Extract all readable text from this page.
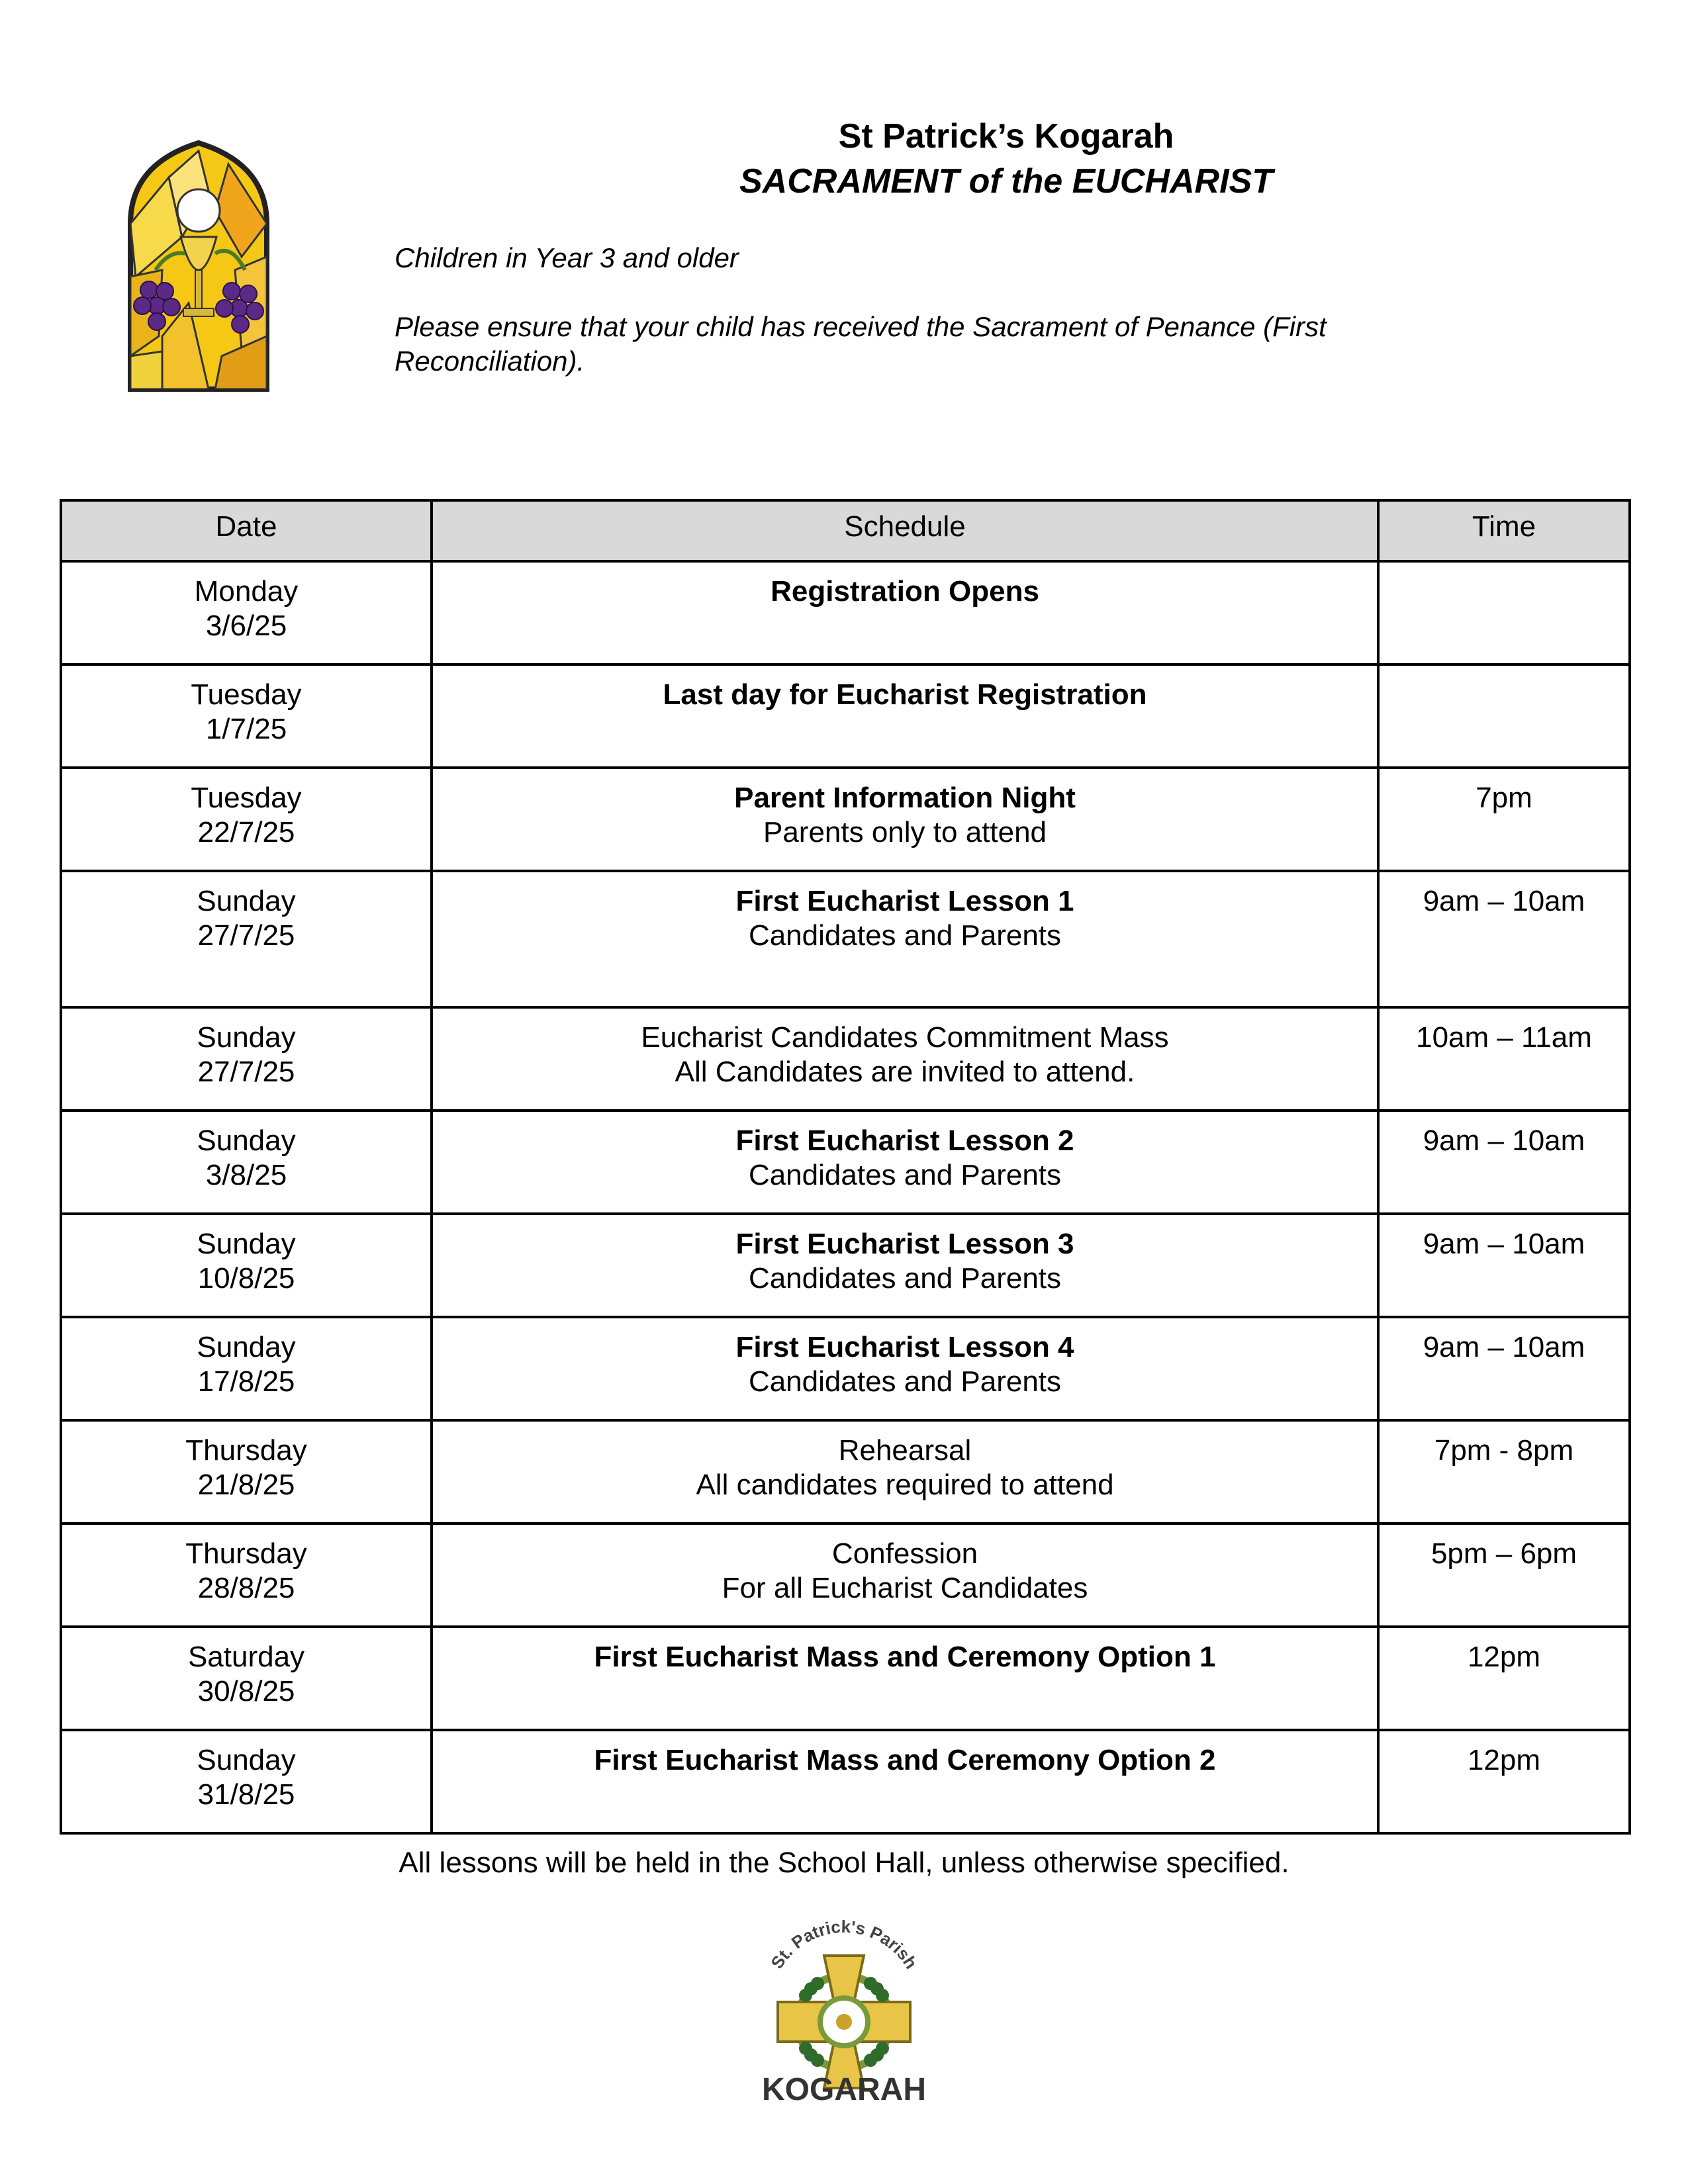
St Patrick’s Kogarah
SACRAMENT of the EUCHARIST
Children in Year 3 and older
Please ensure that your child has received the Sacrament of Penance (First Reconciliation).
Date	Schedule	Time

Monday
3/6/25	Registration Opens	

Tuesday
1/7/25	Last day for Eucharist Registration	

Tuesday
22/7/25	Parent Information Night
Parents only to attend	7pm

Sunday
27/7/25	First Eucharist Lesson 1
Candidates and Parents	9am – 10am

Sunday
27/7/25	Eucharist Candidates Commitment Mass
All Candidates are invited to attend.	10am – 11am

Sunday
3/8/25	First Eucharist Lesson 2
Candidates and Parents	9am – 10am

Sunday
10/8/25	First Eucharist Lesson 3
Candidates and Parents	9am – 10am

Sunday
17/8/25	First Eucharist Lesson 4
Candidates and Parents	9am – 10am

Thursday
21/8/25	Rehearsal
All candidates required to attend	7pm - 8pm

Thursday
28/8/25	Confession
For all Eucharist Candidates	5pm – 6pm

Saturday
30/8/25	First Eucharist Mass and Ceremony Option 1	12pm

Sunday
31/8/25	First Eucharist Mass and Ceremony Option 2	12pm
All lessons will be held in the School Hall, unless otherwise specified.
St. Patrick's Parish
KOGARAH
